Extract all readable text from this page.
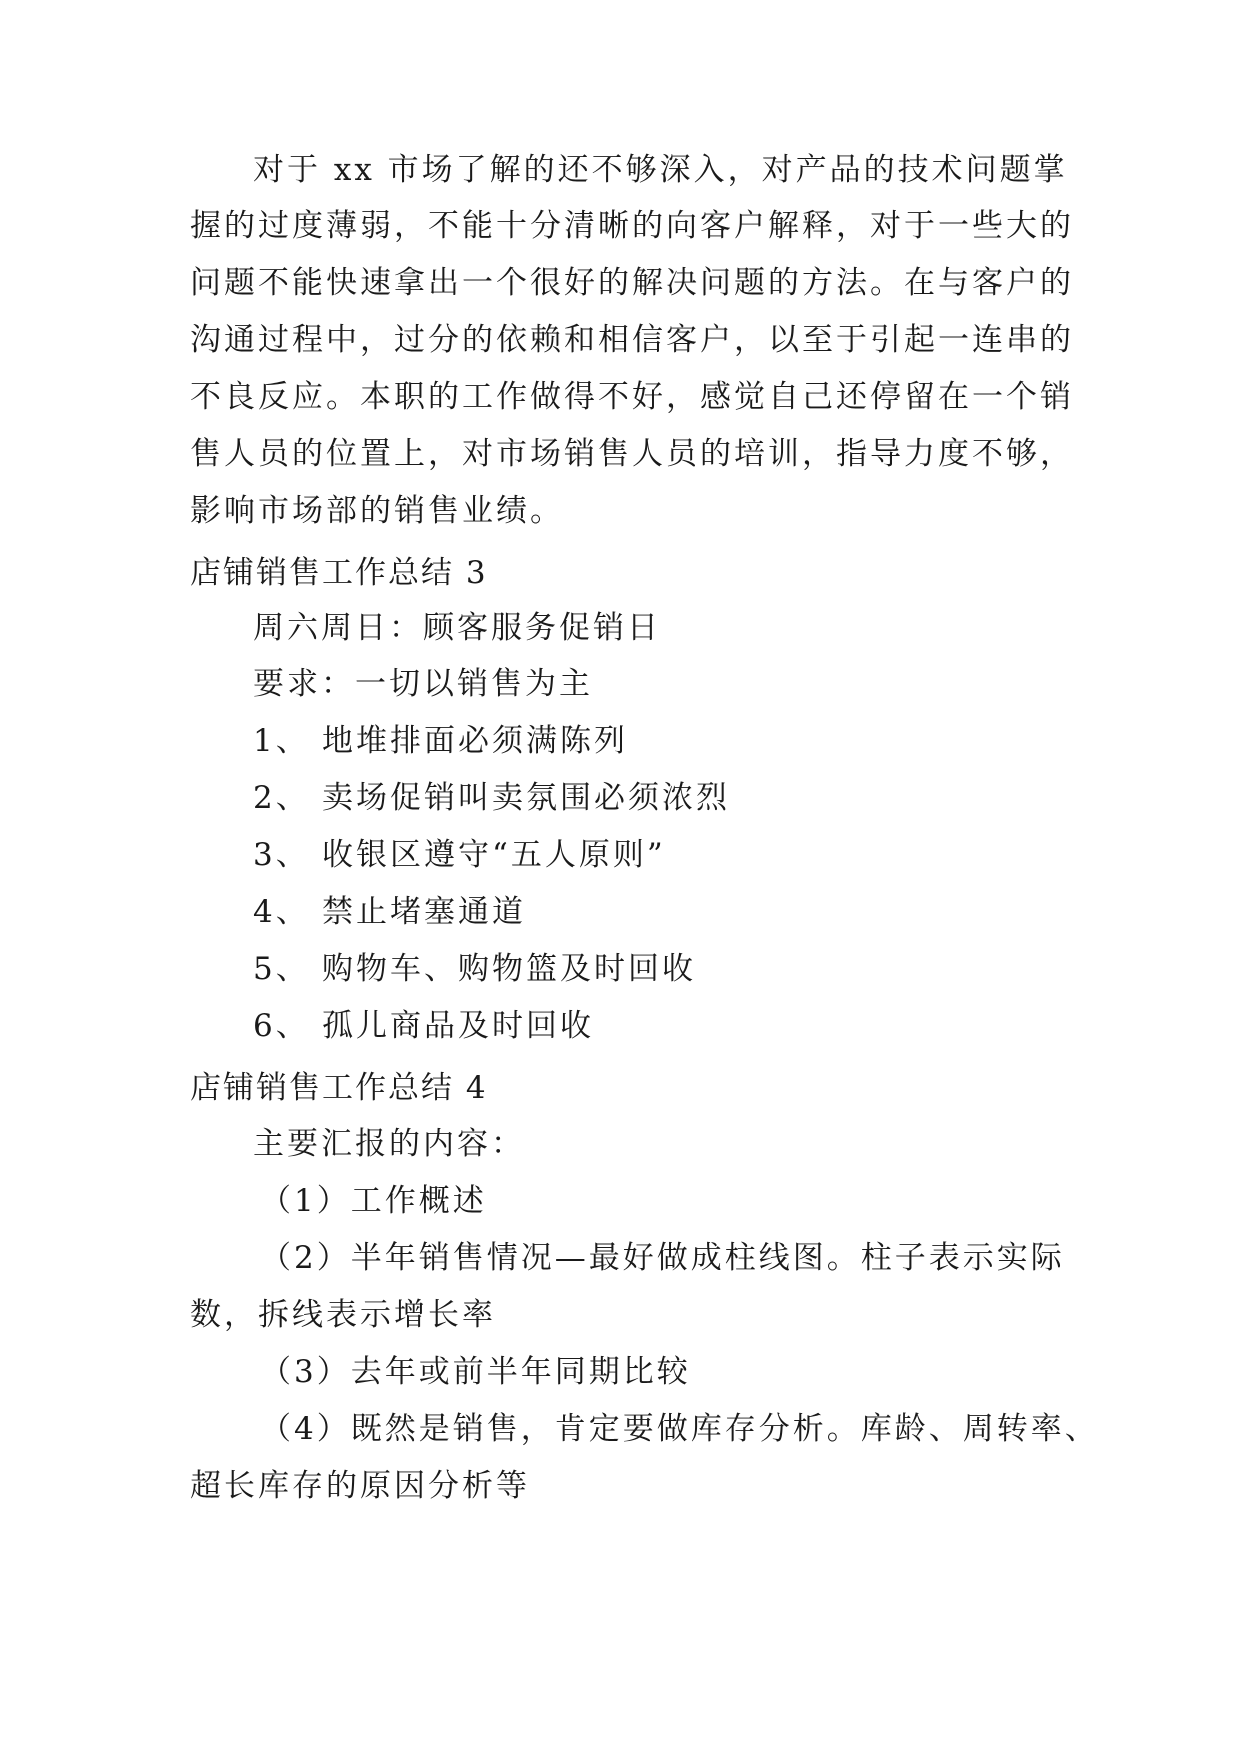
对于 xx 市场了解的还不够深入，对产品的技术问题掌
握的过度薄弱，不能十分清晰的向客户解释，对于一些大的
问题不能快速拿出一个很好的解决问题的方法。在与客户的
沟通过程中，过分的依赖和相信客户，以至于引起一连串的
不良反应。本职的工作做得不好，感觉自己还停留在一个销
售人员的位置上，对市场销售人员的培训，指导力度不够，
影响市场部的销售业绩。
店铺销售工作总结 3
周六周日：顾客服务促销日
要求：一切以销售为主
1、 地堆排面必须满陈列
2、 卖场促销叫卖氛围必须浓烈
3、 收银区遵守“五人原则”
4、 禁止堵塞通道
5、 购物车、购物篮及时回收
6、 孤儿商品及时回收
店铺销售工作总结 4
主要汇报的内容：
（1）工作概述
（2）半年销售情况—最好做成柱线图。柱子表示实际
数，拆线表示增长率
（3）去年或前半年同期比较
（4）既然是销售，肯定要做库存分析。库龄、周转率、
超长库存的原因分析等
